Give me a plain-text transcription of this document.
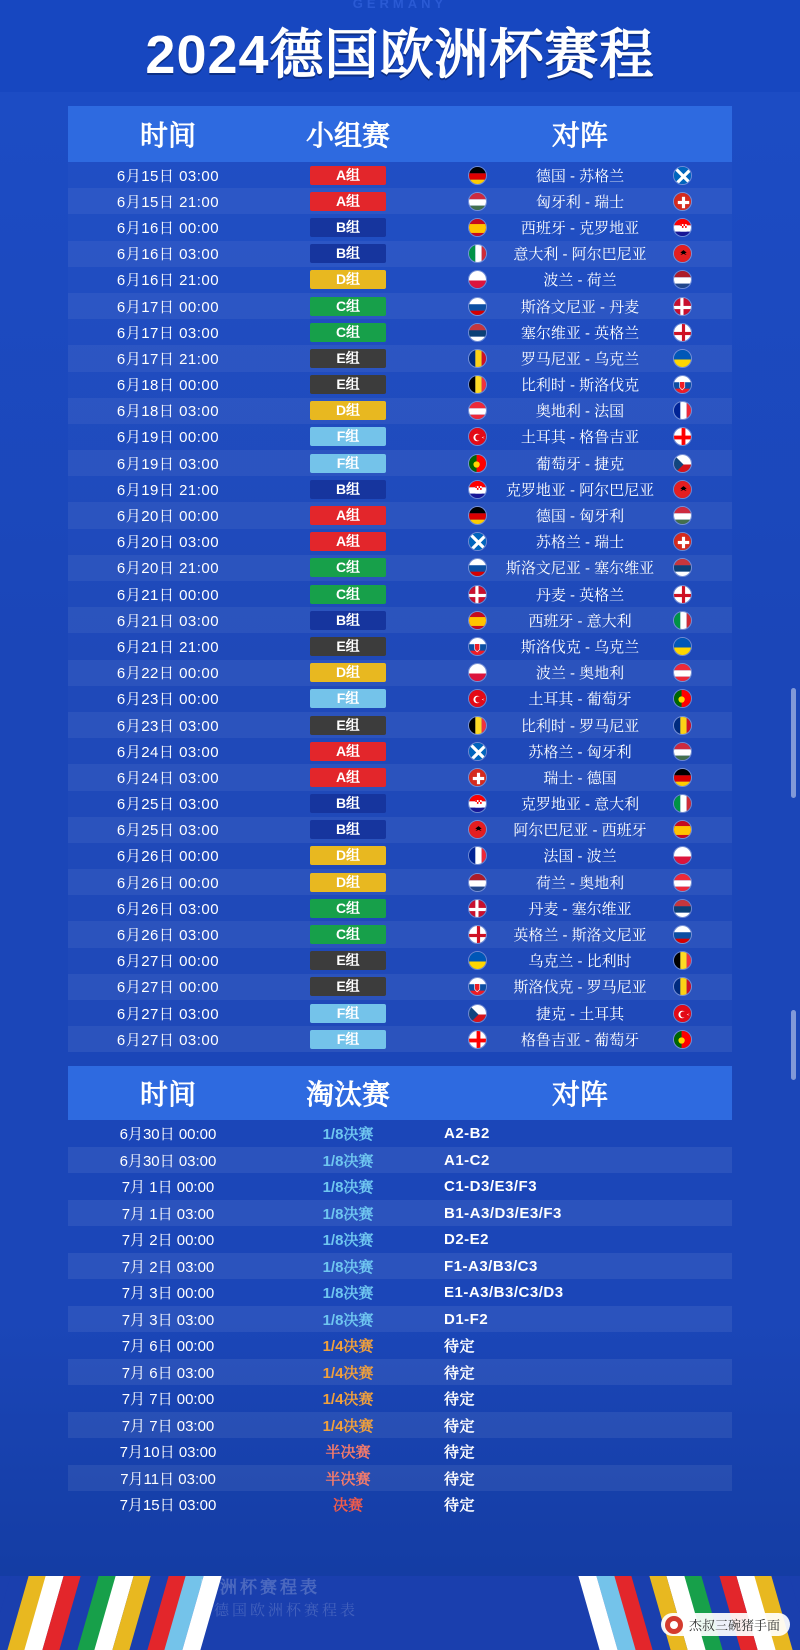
GERMANY
2024德国欧洲杯赛程
时间	小组赛	对阵
6月15日 03:00	A组	德国 - 苏格兰
6月15日 21:00	A组	匈牙利 - 瑞士
6月16日 00:00	B组	西班牙 - 克罗地亚
6月16日 03:00	B组	意大利 - 阿尔巴尼亚
6月16日 21:00	D组	波兰 - 荷兰
6月17日 00:00	C组	斯洛文尼亚 - 丹麦
6月17日 03:00	C组	塞尔维亚 - 英格兰
6月17日 21:00	E组	罗马尼亚 - 乌克兰
6月18日 00:00	E组	比利时 - 斯洛伐克
6月18日 03:00	D组	奥地利 - 法国
6月19日 00:00	F组	土耳其 - 格鲁吉亚
6月19日 03:00	F组	葡萄牙 - 捷克
6月19日 21:00	B组	克罗地亚 - 阿尔巴尼亚
6月20日 00:00	A组	德国 - 匈牙利
6月20日 03:00	A组	苏格兰 - 瑞士
6月20日 21:00	C组	斯洛文尼亚 - 塞尔维亚
6月21日 00:00	C组	丹麦 - 英格兰
6月21日 03:00	B组	西班牙 - 意大利
6月21日 21:00	E组	斯洛伐克 - 乌克兰
6月22日 00:00	D组	波兰 - 奥地利
6月23日 00:00	F组	土耳其 - 葡萄牙
6月23日 03:00	E组	比利时 - 罗马尼亚
6月24日 03:00	A组	苏格兰 - 匈牙利
6月24日 03:00	A组	瑞士 - 德国
6月25日 03:00	B组	克罗地亚 - 意大利
6月25日 03:00	B组	阿尔巴尼亚 - 西班牙
6月26日 00:00	D组	法国 - 波兰
6月26日 00:00	D组	荷兰 - 奥地利
6月26日 03:00	C组	丹麦 - 塞尔维亚
6月26日 03:00	C组	英格兰 - 斯洛文尼亚
6月27日 00:00	E组	乌克兰 - 比利时
6月27日 00:00	E组	斯洛伐克 - 罗马尼亚
6月27日 03:00	F组	捷克 - 土耳其
6月27日 03:00	F组	格鲁吉亚 - 葡萄牙
时间	淘汰赛	对阵
6月30日 00:00	1/8决赛	A2-B2
6月30日 03:00	1/8决赛	A1-C2
7月 1日 00:00	1/8决赛	C1-D3/E3/F3
7月 1日 03:00	1/8决赛	B1-A3/D3/E3/F3
7月 2日 00:00	1/8决赛	D2-E2
7月 2日 03:00	1/8决赛	F1-A3/B3/C3
7月 3日 00:00	1/8决赛	E1-A3/B3/C3/D3
7月 3日 03:00	1/8决赛	D1-F2
7月 6日 00:00	1/4决赛	待定
7月 6日 03:00	1/4决赛	待定
7月 7日 00:00	1/4决赛	待定
7月 7日 03:00	1/4决赛	待定
7月10日 03:00	半决赛	待定
7月11日 03:00	半决赛	待定
7月15日 03:00	决赛	待定
欧洲杯赛程表
德国欧洲杯赛程表
杰叔三碗猪手面
